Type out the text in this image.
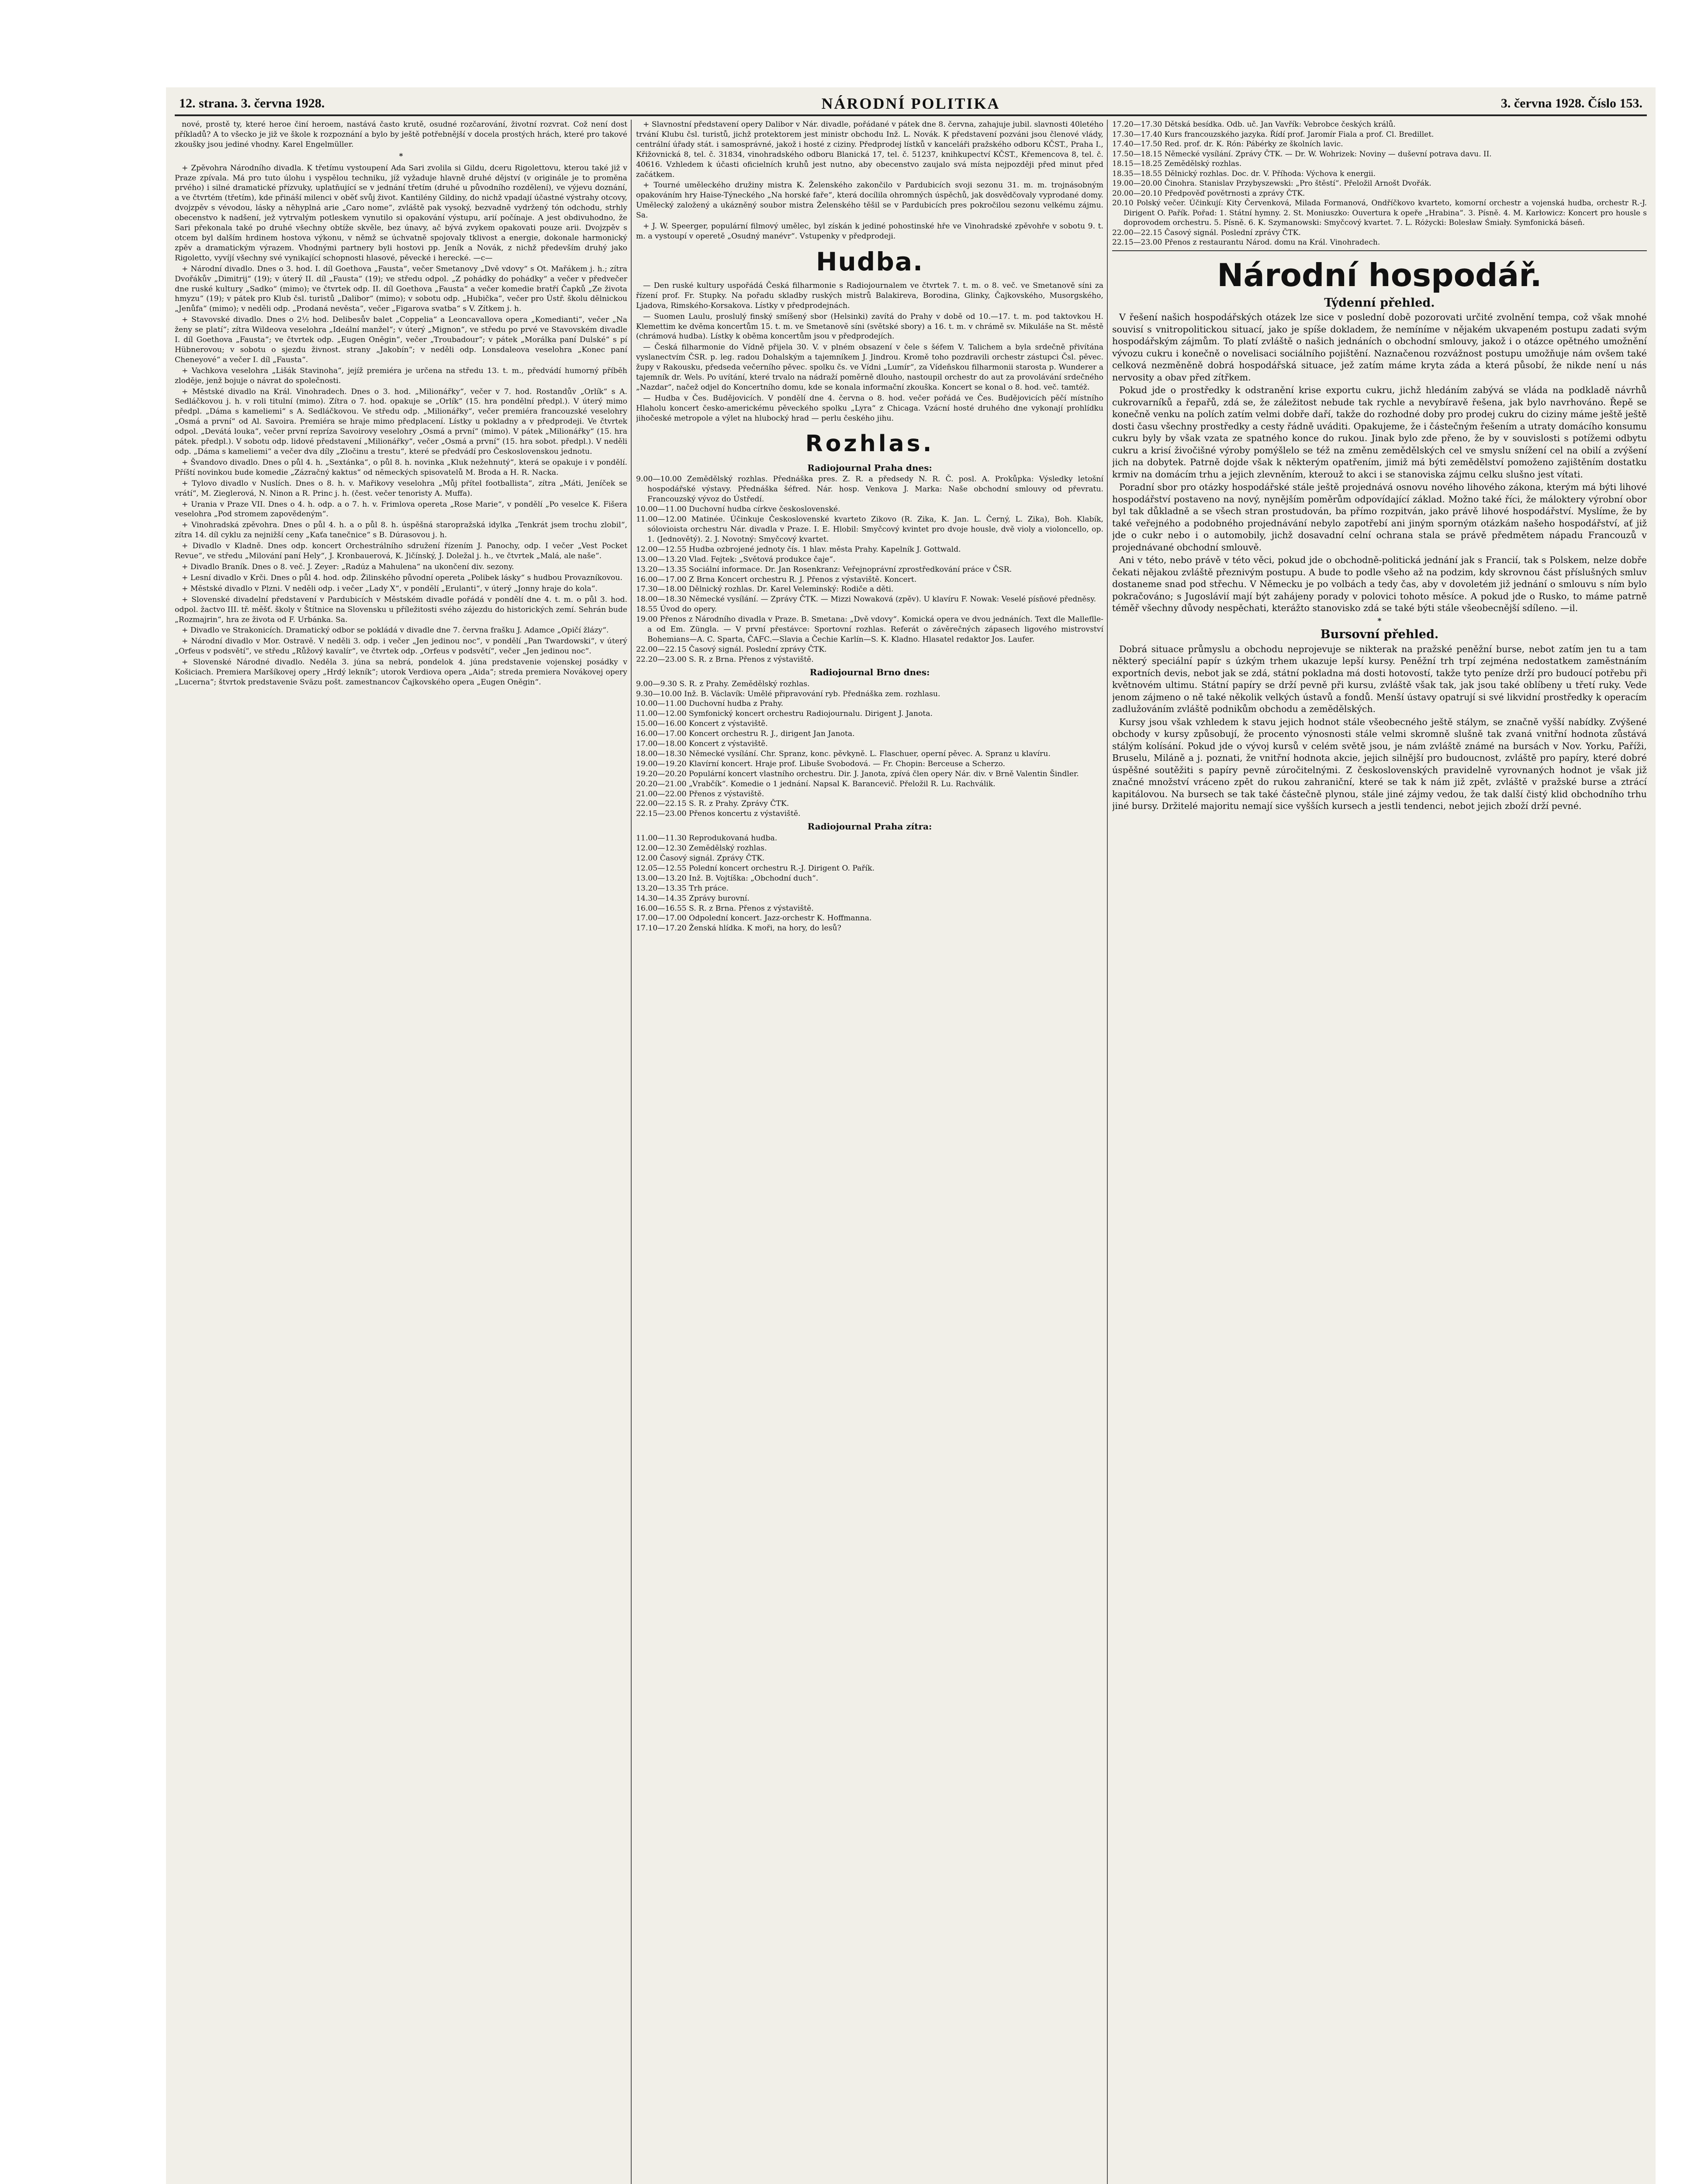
12. strana. 3. června 1928.	NÁRODNÍ POLITIKA	3. června 1928. Číslo 153.

nové, prostě ty, které heroe činí heroem, nastává často krutě, osudné rozčarování, životní rozvrat. Což není dost příkladů? A to všecko je již ve škole k rozpoznání a bylo by ještě potřebnější v docela prostých hrách, které pro takové zkoušky jsou jediné vhodny. Karel Engelmüller.

*

+ Zpěvohra Národního divadla. K třetímu vystoupení Ada Sari zvolila si Gildu, dceru Rigolettovu, kterou také již v Praze zpívala. Má pro tuto úlohu i vyspělou techniku, jíž vyžaduje hlavně druhé dějství (v originále je to proměna prvého) i silné dramatické přízvuky, uplatňující se v jednání třetím (druhé u původního rozdělení), ve výjevu doznání, a ve čtvrtém (třetím), kde přináší milenci v oběť svůj život. Kantilény Gildiny, do nichž vpadají účastné výstrahy otcovy, dvojzpěv s vévodou, lásky a něhyplná arie „Caro nome“, zvláště pak vysoký, bezvadně vydržený tón odchodu, strhly obecenstvo k nadšení, jež vytrvalým potleskem vynutilo si opakování výstupu, arií počínaje. A jest obdivuhodno, že Sari překonala také po druhé všechny obtíže skvěle, bez únavy, ač bývá zvykem opakovati pouze arii. Dvojzpěv s otcem byl dalším hrdinem hostova výkonu, v němž se úchvatně spojovaly tklivost a energie, dokonale harmonický zpěv a dramatickým výrazem. Vhodnými partnery byli hostovi pp. Jeník a Novák, z nichž především druhý jako Rigoletto, vyvíjí všechny své vynikající schopnosti hlasové, pěvecké i herecké. —c—

+ Národní divadlo. Dnes o 3. hod. I. díl Goethova „Fausta“, večer Smetanovy „Dvě vdovy“ s Ot. Mařákem j. h.; zítra Dvořákův „Dimitrij“ (19); v úterý II. díl „Fausta“ (19); ve středu odpol. „Z pohádky do pohádky“ a večer v předvečer dne ruské kultury „Sadko“ (mimo); ve čtvrtek odp. II. díl Goethova „Fausta“ a večer komedie bratří Čapků „Ze života hmyzu“ (19); v pátek pro Klub čsl. turistů „Dalibor“ (mimo); v sobotu odp. „Hubička“, večer pro Ústř. školu dělnickou „Jenůfa“ (mimo); v neděli odp. „Prodaná nevěsta“, večer „Figarova svatba“ s V. Zítkem j. h.

+ Stavovské divadlo. Dnes o 2½ hod. Delibesův balet „Coppelia“ a Leoncavallova opera „Komedianti“, večer „Na ženy se platí“; zítra Wildeova veselohra „Ideální manžel“; v úterý „Mignon“, ve středu po prvé ve Stavovském divadle I. díl Goethova „Fausta“; ve čtvrtek odp. „Eugen Oněgin“, večer „Troubadour“; v pátek „Morálka paní Dulské“ s pí Hübnerovou; v sobotu o sjezdu živnost. strany „Jakobín“; v neděli odp. Lonsdaleova veselohra „Konec paní Cheneyové“ a večer I. díl „Fausta“.

+ Vachkova veselohra „Lišák Stavinoha“, jejíž premiéra je určena na středu 13. t. m., předvádí humorný příběh zloděje, jenž bojuje o návrat do společnosti.

+ Městské divadlo na Král. Vinohradech. Dnes o 3. hod. „Milionářky“, večer v 7. hod. Rostandův „Orlík“ s A. Sedláčkovou j. h. v roli titulní (mimo). Zítra o 7. hod. opakuje se „Orlík“ (15. hra pondělní předpl.). V úterý mimo předpl. „Dáma s kameliemi“ s A. Sedláčkovou. Ve středu odp. „Milionářky“, večer premiéra francouzské veselohry „Osmá a první“ od Al. Savoira. Premiéra se hraje mimo předplacení. Lístky u pokladny a v předprodeji. Ve čtvrtek odpol. „Devátá louka“, večer první repríza Savoirovy veselohry „Osmá a první“ (mimo). V pátek „Milionářky“ (15. hra pátek. předpl.). V sobotu odp. lidové představení „Milionářky“, večer „Osmá a první“ (15. hra sobot. předpl.). V neděli odp. „Dáma s kameliemi“ a večer dva díly „Zločinu a trestu“, které se předvádí pro Československou jednotu.

+ Švandovo divadlo. Dnes o půl 4. h. „Sextánka“, o půl 8. h. novinka „Kluk nežehnutý“, která se opakuje i v pondělí. Příští novinkou bude komedie „Zázračný kaktus“ od německých spisovatelů M. Broda a H. R. Nacka.

+ Tylovo divadlo v Nuslích. Dnes o 8. h. v. Mařikovy veselohra „Můj přítel footballista“, zítra „Máti, Jeníček se vrátí“, M. Zieglerová, N. Ninon a R. Princ j. h. (čest. večer tenoristy A. Muffa).

+ Urania v Praze VII. Dnes o 4. h. odp. a o 7. h. v. Frimlova opereta „Rose Marie“, v pondělí „Po veselce K. Fišera veselohra „Pod stromem zapovědeným“.

+ Vinohradská zpěvohra. Dnes o půl 4. h. a o půl 8. h. úspěšná staropražská idylka „Tenkrát jsem trochu zlobil“, zítra 14. díl cyklu za nejnižší ceny „Kaťa tanečnice“ s B. Dúrasovou j. h.

+ Divadlo v Kladně. Dnes odp. koncert Orchestrálního sdružení řízením J. Panochy, odp. I večer „Vest Pocket Revue“, ve středu „Milování paní Hely“, J. Kronbauerová, K. Jičínský, J. Doležal j. h., ve čtvrtek „Malá, ale naše“.

+ Divadlo Braník. Dnes o 8. več. J. Zeyer: „Radúz a Mahulena“ na ukončení div. sezony.

+ Lesní divadlo v Krči. Dnes o půl 4. hod. odp. Žilinského původní opereta „Polibek lásky“ s hudbou Provazníkovou.

+ Městské divadlo v Plzni. V neděli odp. i večer „Lady X“, v pondělí „Erulanti“, v úterý „Jonny hraje do kola“.

+ Slovenské divadelní představení v Pardubicích v Městském divadle pořádá v pondělí dne 4. t. m. o půl 3. hod. odpol. žactvo III. tř. měšť. školy v Štítnice na Slovensku u příležitosti svého zájezdu do historických zemí. Sehrán bude „Rozmajrin“, hra ze života od F. Urbánka. Sa.

+ Divadlo ve Strakonicích. Dramatický odbor se pokládá v divadle dne 7. června frašku J. Adamce „Opičí žlázy“.

+ Národní divadlo v Mor. Ostravě. V neděli 3. odp. i večer „Jen jedinou noc“, v pondělí „Pan Twardowski“, v úterý „Orfeus v podsvětí“, ve středu „Růžový kavalír“, ve čtvrtek odp. „Orfeus v podsvětí“, večer „Jen jedinou noc“.

+ Slovenské Národné divadlo. Neděla 3. júna sa nebrá, pondelok 4. júna predstavenie vojenskej posádky v Košiciach. Premiera Maršíkovej opery „Hrdý lekník“; utorok Verdiova opera „Aida“; streda premiera Novákovej opery „Lucerna“; štvrtok predstavenie Sväzu pošt. zamestnancov Čajkovského opera „Eugen Oněgin“.

+ Slavnostní představení opery Dalibor v Nár. divadle, pořádané v pátek dne 8. června, zahajuje jubil. slavnosti 40letého trvání Klubu čsl. turistů, jichž protektorem jest ministr obchodu Inž. L. Novák. K představení pozváni jsou členové vlády, centrální úřady stát. i samosprávné, jakož i hosté z ciziny. Předprodej lístků v kanceláři pražského odboru KČST., Praha I., Křižovnická 8, tel. č. 31834, vinohradského odboru Blanická 17, tel. č. 51237, knihkupectví KČST., Křemencova 8, tel. č. 40616. Vzhledem k účasti oficielních kruhů jest nutno, aby obecenstvo zaujalo svá místa nejpozději před minut před začátkem.

+ Tourné uměleckého družiny mistra K. Želenského zakončilo v Pardubicích svoji sezonu 31. m. m. trojnásobným opakováním hry Haise-Týneckého „Na horské faře“, která docílila ohromných úspěchů, jak dosvědčovaly vyprodané domy. Umělecký založený a ukázněný soubor mistra Želenského těšil se v Pardubicích pres pokročilou sezonu velkému zájmu. Sa.

+ J. W. Speerger, populární filmový umělec, byl získán k jediné pohostinské hře ve Vinohradské zpěvohře v sobotu 9. t. m. a vystoupí v operetě „Osudný manévr“. Vstupenky v předprodeji.

Hudba.

— Den ruské kultury uspořádá Česká filharmonie s Radiojournalem ve čtvrtek 7. t. m. o 8. več. ve Smetanově síni za řízení prof. Fr. Stupky. Na pořadu skladby ruských mistrů Balakireva, Borodina, Glinky, Čajkovského, Musorgského, Ljadova, Rimského-Korsakova. Lístky v předprodejnách.

— Suomen Laulu, proslulý finský smíšený sbor (Helsinki) zavítá do Prahy v době od 10.—17. t. m. pod taktovkou H. Klemettim ke dvěma koncertům 15. t. m. ve Smetanově síni (světské sbory) a 16. t. m. v chrámě sv. Mikuláše na St. městě (chrámová hudba). Lístky k oběma koncertům jsou v předprodejích.

— Česká filharmonie do Vídně přijela 30. V. v plném obsazení v čele s šéfem V. Talichem a byla srdečně přivítána vyslanectvím ČSR. p. leg. radou Dohalským a tajemníkem J. Jindrou. Kromě toho pozdravili orchestr zástupci Čsl. pěvec. župy v Rakousku, předseda večerního pěvec. spolku čs. ve Vídni „Lumír“, za Vídeňskou filharmonii starosta p. Wunderer a tajemník dr. Wels. Po uvítání, které trvalo na nádraží poměrně dlouho, nastoupil orchestr do aut za provolávání srdečného „Nazdar“, načež odjel do Koncertního domu, kde se konala informační zkouška. Koncert se konal o 8. hod. več. tamtéž.

— Hudba v Čes. Budějovicích. V pondělí dne 4. června o 8. hod. večer pořádá ve Čes. Budějovicích pěčí místního Hlaholu koncert česko-americkému pěveckého spolku „Lyra“ z Chicaga. Vzácní hosté druhého dne vykonají prohlídku jihočeské metropole a výlet na hlubocký hrad — perlu českého jihu.

Rozhlas.
Radiojournal Praha dnes:
9.00—10.00 Zemědělský rozhlas. Přednáška pres. Z. R. a předsedy N. R. Č. posl. A. Prokůpka: Výsledky letošní hospodářské výstavy. Přednáška šéfred. Nár. hosp. Venkova J. Marka: Naše obchodní smlouvy od převratu. Francouzský vývoz do Ústředí.
10.00—11.00 Duchovní hudba církve československé.
11.00—12.00 Matinée. Účinkuje Československé kvarteto Zikovo (R. Zika, K. Jan. L. Černý, L. Zika), Boh. Klabík, sólovioista orchestru Nár. divadla v Praze. I. E. Hlobil: Smyčcový kvintet pro dvoje housle, dvě violy a violoncello, op. 1. (Jednovětý). 2. J. Novotný: Smyčcový kvartet.
12.00—12.55 Hudba ozbrojené jednoty čís. 1 hlav. města Prahy. Kapelník J. Gottwald.
13.00—13.20 Vlad. Fejtek: „Světová produkce čaje“.
13.20—13.35 Sociální informace. Dr. Jan Rosenkranz: Veřejnoprávní zprostředkování práce v ČSR.
16.00—17.00 Z Brna Koncert orchestru R. J. Přenos z výstaviště. Koncert.
17.30—18.00 Dělnický rozhlas. Dr. Karel Veleminský: Rodiče a děti.
18.00—18.30 Německé vysílání. — Zprávy ČTK. — Mizzi Nowaková (zpěv). U klavíru F. Nowak: Veselé písňové předněsy.
18.55 Úvod do opery.
19.00 Přenos z Národního divadla v Praze. B. Smetana: „Dvě vdovy“. Komická opera ve dvou jednáních. Text dle Malleflle-a od Em. Züngla. — V první přestávce: Sportovní rozhlas. Referát o závěrečných zápasech ligového mistrovství Bohemians—A. C. Sparta, ČAFC.—Slavia a Čechie Karlín—S. K. Kladno. Hlasatel redaktor Jos. Laufer.
22.00—22.15 Časový signál. Poslední zprávy ČTK.
22.20—23.00 S. R. z Brna. Přenos z výstaviště.
Radiojournal Brno dnes:
9.00—9.30 S. R. z Prahy. Zemědělský rozhlas.
9.30—10.00 Inž. B. Václavík: Umělé připravování ryb. Přednáška zem. rozhlasu.
10.00—11.00 Duchovní hudba z Prahy.
11.00—12.00 Symfonický koncert orchestru Radiojournalu. Dirigent J. Janota.
15.00—16.00 Koncert z výstaviště.
16.00—17.00 Koncert orchestru R. J., dirigent Jan Janota.
17.00—18.00 Koncert z výstaviště.
18.00—18.30 Německé vysílání. Chr. Spranz, konc. pěvkyně. L. Flaschuer, operní pěvec. A. Spranz u klavíru.
19.00—19.20 Klavírní koncert. Hraje prof. Libuše Svobodová. — Fr. Chopin: Berceuse a Scherzo.
19.20—20.20 Populární koncert vlastního orchestru. Dir. J. Janota, zpívá člen opery Nár. div. v Brně Valentin Šindler.
20.20—21.00 „Vrabčík“. Komedie o 1 jednání. Napsal K. Barancevič. Přeložil R. Lu. Rachválik.
21.00—22.00 Přenos z výstaviště.
22.00—22.15 S. R. z Prahy. Zprávy ČTK.
22.15—23.00 Přenos koncertu z výstaviště.
Radiojournal Praha zítra:
11.00—11.30 Reprodukovaná hudba.
12.00—12.30 Zemědělský rozhlas.
12.00 Časový signál. Zprávy ČTK.
12.05—12.55 Polední koncert orchestru R.-J. Dirigent O. Pařík.
13.00—13.20 Inž. B. Vojtíška: „Obchodní duch“.
13.20—13.35 Trh práce.
14.30—14.35 Zprávy burovní.
16.00—16.55 S. R. z Brna. Přenos z výstaviště.
17.00—17.00 Odpolední koncert. Jazz-orchestr K. Hoffmanna.
17.10—17.20 Ženská hlídka. K moři, na hory, do lesů?
17.20—17.30 Dětská besídka. Odb. uč. Jan Vavřík: Vebrobce českých králů.
17.30—17.40 Kurs francouzského jazyka. Řídí prof. Jaromír Fiala a prof. Cl. Bredillet.
17.40—17.50 Red. prof. dr. K. Rón: Pábérky ze školních lavic.
17.50—18.15 Německé vysílání. Zprávy ČTK. — Dr. W. Wohrizek: Noviny — duševní potrava davu. II.
18.15—18.25 Zemědělský rozhlas.
18.35—18.55 Dělnický rozhlas. Doc. dr. V. Příhoda: Výchova k energii.
19.00—20.00 Činohra. Stanislav Przybyszewski: „Pro štěstí“. Přeložil Arnošt Dvořák.
20.00—20.10 Předpověď povětrnosti a zprávy ČTK.
20.10 Polský večer. Účinkují: Kity Červenková, Milada Formanová, Ondříčkovo kvarteto, komorní orchestr a vojenská hudba, orchestr R.-J. Dirigent O. Pařík. Pořad: 1. Státní hymny. 2. St. Moniuszko: Ouvertura k opeře „Hrabina“. 3. Písně. 4. M. Karłowicz: Koncert pro housle s doprovodem orchestru. 5. Písně. 6. K. Szymanowski: Smyčcový kvartet. 7. L. Różycki: Bolesław Śmiały. Symfonická báseň.
22.00—22.15 Časový signál. Poslední zprávy ČTK.
22.15—23.00 Přenos z restaurantu Národ. domu na Král. Vinohradech.
Národní hospodář.
Týdenní přehled.

V řešení našich hospodářských otázek lze sice v poslední době pozorovati určité zvolnění tempa, což však mnohé souvisí s vnitropolitickou situací, jako je spíše dokladem, že nemíníme v nějakém ukvapeném postupu zadati svým hospodářským zájmům. To platí zvláště o našich jednáních o obchodní smlouvy, jakož i o otázce opětného umožnění vývozu cukru i konečně o novelisaci sociálního pojištění. Naznačenou rozvážnost postupu umožňuje nám ovšem také celková nezměněně dobrá hospodářská situace, jež zatím máme kryta záda a která působí, že nikde není u nás nervosity a obav před zítřkem.

Pokud jde o prostředky k odstranění krise exportu cukru, jichž hledáním zabývá se vláda na podkladě návrhů cukrovarníků a řepařů, zdá se, že záležitost nebude tak rychle a nevybíravě řešena, jak bylo navrhováno. Řepě se konečně venku na polích zatím velmi dobře daří, takže do rozhodné doby pro prodej cukru do ciziny máme ještě ještě dosti času všechny prostředky a cesty řádně uváditi. Opakujeme, že i částečným řešením a utraty domácího konsumu cukru byly by však vzata ze spatného konce do rukou. Jinak bylo zde přeno, že by v souvislosti s potížemi odbytu cukru a krisí živočišné výroby pomýšlelo se též na změnu zemědělských cel ve smyslu snížení cel na obilí a zvýšení jich na dobytek. Patrně dojde však k některým opatřením, jimiž má býti zemědělství pomoženo zajištěním dostatku krmiv na domácím trhu a jejich zlevněním, kterouž to akci i se stanoviska zájmu celku slušno jest vítati.

Poradní sbor pro otázky hospodářské stále ještě projednává osnovu nového lihového zákona, kterým má býti lihové hospodářství postaveno na nový, nynějším poměrům odpovídající základ. Možno také říci, že máloktery výrobní obor byl tak důkladně a se všech stran prostudován, ba přímo rozpitván, jako právě lihové hospodářství. Myslíme, že by také veřejného a podobného projednávání nebylo zapotřebí ani jiným sporným otázkám našeho hospodářství, ať již jde o cukr nebo i o automobily, jichž dosavadní celní ochrana stala se právě předmětem nápadu Francouzů v projednávané obchodní smlouvě.

Ani v této, nebo právě v této věci, pokud jde o obchodně-politická jednání jak s Francií, tak s Polskem, nelze dobře čekati nějakou zvláště přeznivým postupu. A bude to podle všeho až na podzim, kdy skrovnou část příslušných smluv dostaneme snad pod střechu. V Německu je po volbách a tedy čas, aby v dovoletém již jednání o smlouvu s ním bylo pokračováno; s Jugoslávií mají být zahájeny porady v polovici tohoto měsíce. A pokud jde o Rusko, to máme patrně téměř všechny důvody nespěchati, kterážto stanovisko zdá se také býti stále všeobecnější sdíleno. —il.

*
Bursovní přehled.

Dobrá situace průmyslu a obchodu neprojevuje se nikterak na pražské peněžní burse, nebot zatím jen tu a tam některý speciální papír s úzkým trhem ukazuje lepší kursy. Peněžní trh trpí zejména nedostatkem zaměstnáním exportních devis, nebot jak se zdá, státní pokladna má dosti hotovostí, takže tyto peníze drží pro budoucí potřebu při květnovém ultimu. Státní papíry se drží pevně při kursu, zvláště však tak, jak jsou také oblíbeny u třetí ruky. Vede jenom zájmeno o ně také několik velkých ústavů a fondů. Menší ústavy opatrují si své likvidní prostředky k operacím zadlužováním zvláště podnikům obchodu a zemědělských.

Kursy jsou však vzhledem k stavu jejich hodnot stále všeobecného ještě stálym, se značně vyšší nabídky. Zvýšené obchody v kursy způsobují, že procento výnosnosti stále velmi skromně slušně tak zvaná vnitřní hodnota zůstává stálým kolísání. Pokud jde o vývoj kursů v celém světě jsou, je nám zvláště známé na bursách v Nov. Yorku, Paříži, Bruselu, Miláně a j. poznati, že vnitřní hodnota akcie, jejich silnější pro budoucnost, zvláště pro papíry, které dobré úspěšné soutěžiti s papíry pevně zúročitelnými. Z československých pravidelně vyrovnaných hodnot je však již značné množství vráceno zpět do rukou zahraniční, které se tak k nám již zpět, zvláště v pražské burse a ztrácí kapitálovou. Na bursech se tak také částečně plynou, stále jiné zájmy vedou, že tak další čistý klid obchodního trhu jiné bursy. Držitelé majoritu nemají sice vyšších kursech a jestli tendenci, nebot jejich zboží drží pevné.
